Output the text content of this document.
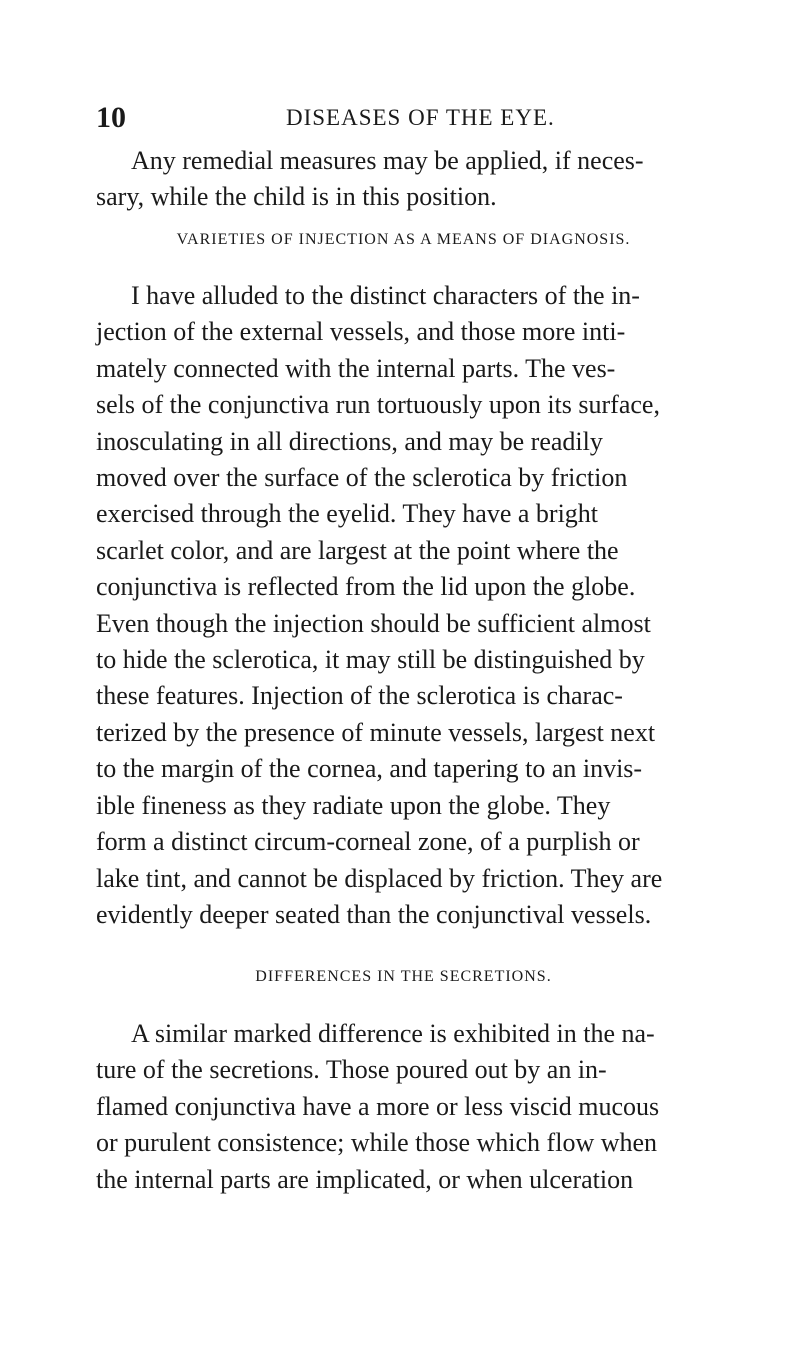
10	DISEASES OF THE EYE.

Any remedial measures may be applied, if neces-
sary, while the child is in this position.

VARIETIES OF INJECTION AS A MEANS OF DIAGNOSIS.

I have alluded to the distinct characters of the in-
jection of the external vessels, and those more inti-
mately connected with the internal parts. The ves-
sels of the conjunctiva run tortuously upon its surface,
inosculating in all directions, and may be readily
moved over the surface of the sclerotica by friction
exercised through the eyelid. They have a bright
scarlet color, and are largest at the point where the
conjunctiva is reflected from the lid upon the globe.
Even though the injection should be sufficient almost
to hide the sclerotica, it may still be distinguished by
these features. Injection of the sclerotica is charac-
terized by the presence of minute vessels, largest next
to the margin of the cornea, and tapering to an invis-
ible fineness as they radiate upon the globe. They
form a distinct circum-corneal zone, of a purplish or
lake tint, and cannot be displaced by friction. They are
evidently deeper seated than the conjunctival vessels.

DIFFERENCES IN THE SECRETIONS.

A similar marked difference is exhibited in the na-
ture of the secretions. Those poured out by an in-
flamed conjunctiva have a more or less viscid mucous
or purulent consistence; while those which flow when
the internal parts are implicated, or when ulceration
